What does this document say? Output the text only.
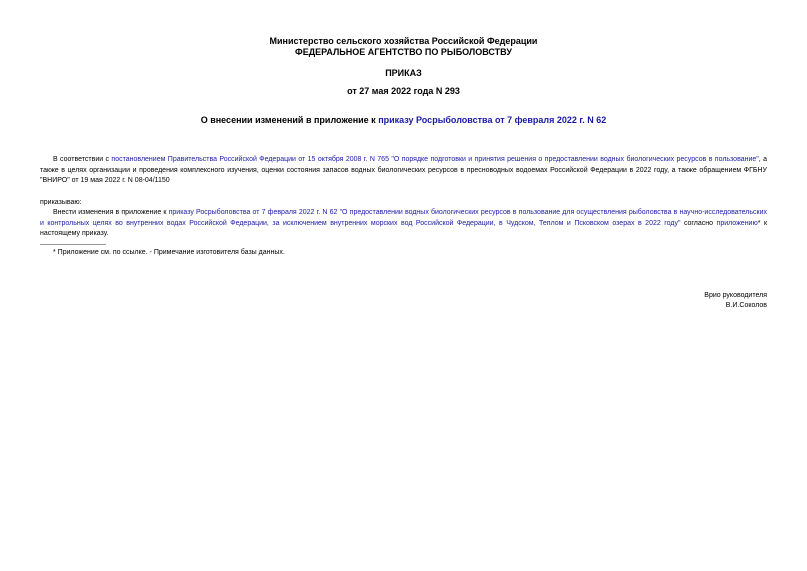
Министерство сельского хозяйства Российской Федерации
ФЕДЕРАЛЬНОЕ АГЕНТСТВО ПО РЫБОЛОВСТВУ
ПРИКАЗ
от 27 мая 2022 года N 293
О внесении изменений в приложение к приказу Росрыболовства от 7 февраля 2022 г. N 62
В соответствии с постановлением Правительства Российской Федерации от 15 октября 2008 г. N 765 "О порядке подготовки и принятия решения о предоставлении водных биологических ресурсов в пользование", а также в целях организации и проведения комплексного изучения, оценки состояния запасов водных биологических ресурсов в пресноводных водоемах Российской Федерации в 2022 году, а также обращением ФГБНУ "ВНИРО" от 19 мая 2022 г. N 08-04/1150
приказываю:
Внести изменения в приложение к приказу Росрыболовства от 7 февраля 2022 г. N 62 "О предоставлении водных биологических ресурсов в пользование для осуществления рыболовства в научно-исследовательских и контрольных целях во внутренних водах Российской Федерации, за исключением внутренних морских вод Российской Федерации, в Чудском, Теплом и Псковском озерах в 2022 году" согласно приложению* к настоящему приказу.
* Приложение см. по ссылке. - Примечание изготовителя базы данных.
Врио руководителя
В.И.Соколов
